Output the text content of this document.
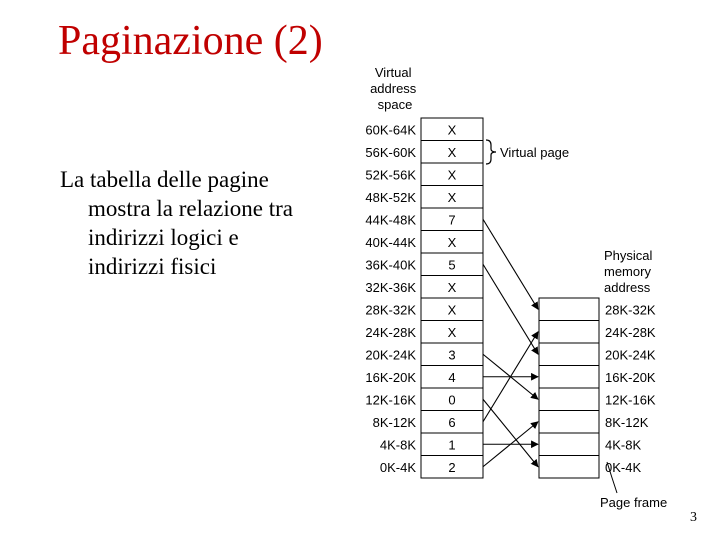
Paginazione (2)
La tabella delle pagine mostra la relazione tra indirizzi logici e indirizzi fisici
3
Virtual address space
Physical memory address
Virtual page
Page frame
60K-64K X
56K-60K X
52K-56K X
48K-52K X
44K-48K 7
40K-44K X
36K-40K 5
32K-36K X
28K-32K X
24K-28K X
20K-24K 3
16K-20K 4
12K-16K 0
8K-12K 6
4K-8K 1
0K-4K 2
28K-32K
24K-28K
20K-24K
16K-20K
12K-16K
8K-12K
4K-8K
0K-4K
